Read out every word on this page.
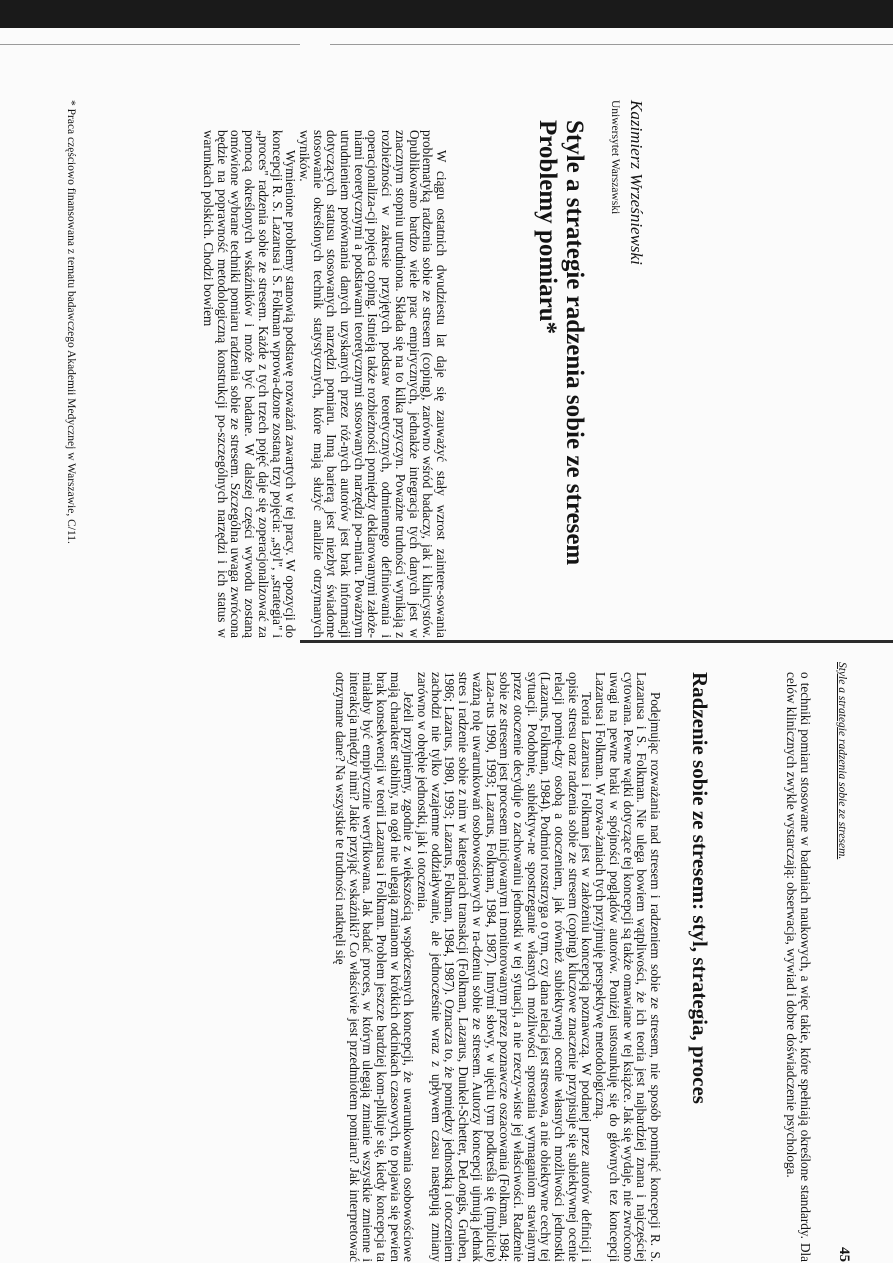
Kazimierz Wrześniewski

Uniwersytet Warszawski

Style a strategie radzenia sobie ze stresem

Problemy pomiaru*

W ciągu ostatnich dwudziestu lat daje się zauważyć stały wzrost zaintere-sowania problematyką radzenia sobie ze stresem (coping), zarówno wśród badaczy, jak i klinicystów. Opublikowano bardzo wiele prac empirycznych, jednakże integracja tych danych jest w znacznym stopniu utrudniona. Składa się na to kilka przyczyn. Poważne trudności wynikają z rozbieżności w zakresie przyjętych podstaw teoretycznych, odmiennego definiowania i operacjonaliza-cji pojęcia coping. Istnieją także rozbieżności pomiędzy deklarowanymi założe-niami teoretycznymi a podstawami teoretycznymi stosowanych narzędzi po-miaru. Poważnym utrudnieniem porównania danych uzyskanych przez róż-nych autorów jest brak informacji dotyczących statusu stosowanych narzędzi pomiaru. Inną barierą jest niezbyt świadome stosowanie określonych technik statystycznych, które mają służyć analizie otrzymanych wyników.

Wymienione problemy stanowią podstawę rozważań zawartych w tej pracy. W opozycji do koncepcji R. S. Lazarusa i S. Folkman wprowa-dzone zostaną trzy pojęcia: „styl", „strategia" i „proces" radzenia sobie ze stresem. Każde z tych trzech pojęć daje się zoperacjonalizować za pomocą określonych wskaźników i może być badane. W dalszej części wywodu zostaną omówione wybrane techniki pomiaru radzenia sobie ze stresem. Szczególna uwaga zwrócona będzie na poprawność metodologiczną konstrukcji po-szczególnych narzędzi i ich status w warunkach polskich. Chodzi bowiem

* Praca częściowo finansowana z tematu badawczego Akademii Medycznej w Warszawie, C/11.
Style a strategie radzenia sobie ze stresem.
45

o techniki pomiaru stosowane w badaniach naukowych, a więc takie, które spełniają określone standardy. Dla celów klinicznych zwykle wystarczają: obserwacja, wywiad i dobre doświadczenie psychologa.

Radzenie sobie ze stresem: styl, strategia, proces

Podejmując rozważania nad stresem i radzeniem sobie ze stresem, nie sposób pominąć koncepcji R. S. Lazarusa i S. Folkman. Nie ulega bowiem wątpliwości, że ich teoria jest najbardziej znana i najczęściej cytowana. Pewne wątki dotyczące tej koncepcji są także omawiane w tej książce. Jak się wydaje, nie zwrócono uwagi na pewne braki w spójności poglądów autorów. Poniżej ustosunkuję się do głównych tez koncepcji Lazarusa i Folkman. W rozwa-żaniach tych przyjmuję perspektywę metodologiczną.

Teoria Lazarusa i Folkman jest w założeniu koncepcją poznawczą. W podanej przez autorów definicji i opisie stresu oraz radzenia sobie ze stresem (coping) kluczowe znaczenie przypisuje się subiektywnej ocenie relacji pomię-dzy osobą a otoczeniem, jak również subiektywnej ocenie własnych możliwości jednostki (Lazarus, Folkman, 1984). Podmiot rozstrzyga o tym, czy dana relacja jest stresowa, a nie obiektywne cechy tej sytuacji. Podobnie, subiektyw-ne spostrzeganie własnych możliwości sprostania wymaganiom stawianym przez otoczenie decyduje o zachowaniu jednostki w tej sytuacji, a nie rzeczy-wiste jej właściwości. Radzenie sobie ze stresem jest procesem inicjowanym i monitorowanym przez poznawcze oszacowania (Folkman, 1984; Laza-rus 1990, 1993; Lazarus, Folkman, 1984, 1987). Innymi słowy, w ujęciu tym podkreśla się (implicite) ważną rolę uwarunkowań osobowościowych w ra-dzeniu sobie ze stresem. Autorzy koncepcji ujmują jednak stres i radzenie sobie z nim w kategoriach transakcji (Folkman, Lazarus, Dunkel-Schetter, DeLongis, Gruben, 1986; Lazarus, 1980, 1993; Lazarus, Folkman, 1984, 1987). Oznacza to, że pomiędzy jednostką i otoczeniem zachodzi nie tylko wzajemne oddziaływanie, ale jednocześnie wraz z upływem czasu następują zmiany zarówno w obrębie jednostki, jak i otoczenia.

Jeżeli przyjmiemy, zgodnie z większością współczesnych koncepcji, że uwarunkowania osobowościowe mają charakter stabilny, na ogół nie ulegają zmianom w krótkich odcinkach czasowych, to pojawia się pewien brak konsekwencji w teorii Lazarusa i Folkman. Problem jeszcze bardziej kom-plikuje się, kiedy koncepcja ta miałaby być empirycznie weryfikowana. Jak badać proces, w którym ulegają zmianie wszystkie zmienne i interakcja między nimi? Jakie przyjąć wskaźniki? Co właściwie jest przedmiotem pomiaru? Jak interpretować otrzymane dane? Na wszystkie te trudności natknęli się
